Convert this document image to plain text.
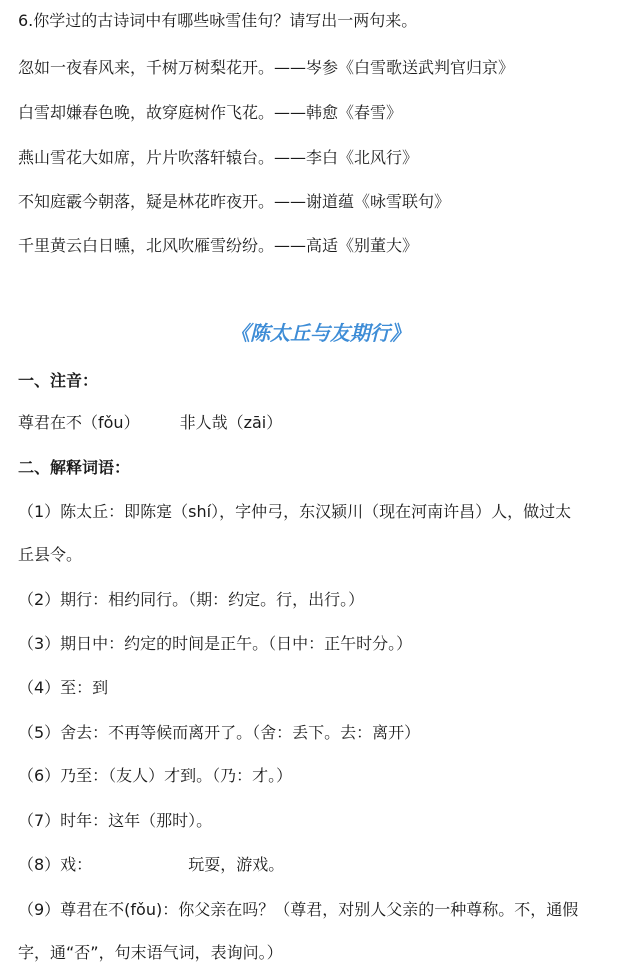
6.你学过的古诗词中有哪些咏雪佳句？请写出一两句来。
忽如一夜春风来，千树万树梨花开。——岑参《白雪歌送武判官归京》
白雪却嫌春色晚，故穿庭树作飞花。——韩愈《春雪》
燕山雪花大如席，片片吹落轩辕台。——李白《北风行》
不知庭霰今朝落，疑是林花昨夜开。——谢道蕴《咏雪联句》
千里黄云白日曛，北风吹雁雪纷纷。——高适《别董大》
《陈太丘与友期行》
一、注音：
尊君在不（fǒu）	非人哉（zāi）
二、解释词语：
（1）陈太丘：即陈寔（shí），字仲弓，东汉颍川（现在河南许昌）人，做过太
丘县令。
（2）期行：相约同行。（期：约定。行，出行。）
（3）期日中：约定的时间是正午。（日中：正午时分。）
（4）至：到
（5）舍去：不再等候而离开了。（舍：丢下。去：离开）
（6）乃至：（友人）才到。（乃：才。）
（7）时年：这年（那时）。
（8）戏：	玩耍，游戏。
（9）尊君在不(fǒu)：你父亲在吗？（尊君，对别人父亲的一种尊称。不，通假
字，通“否”，句末语气词，表询问。）
